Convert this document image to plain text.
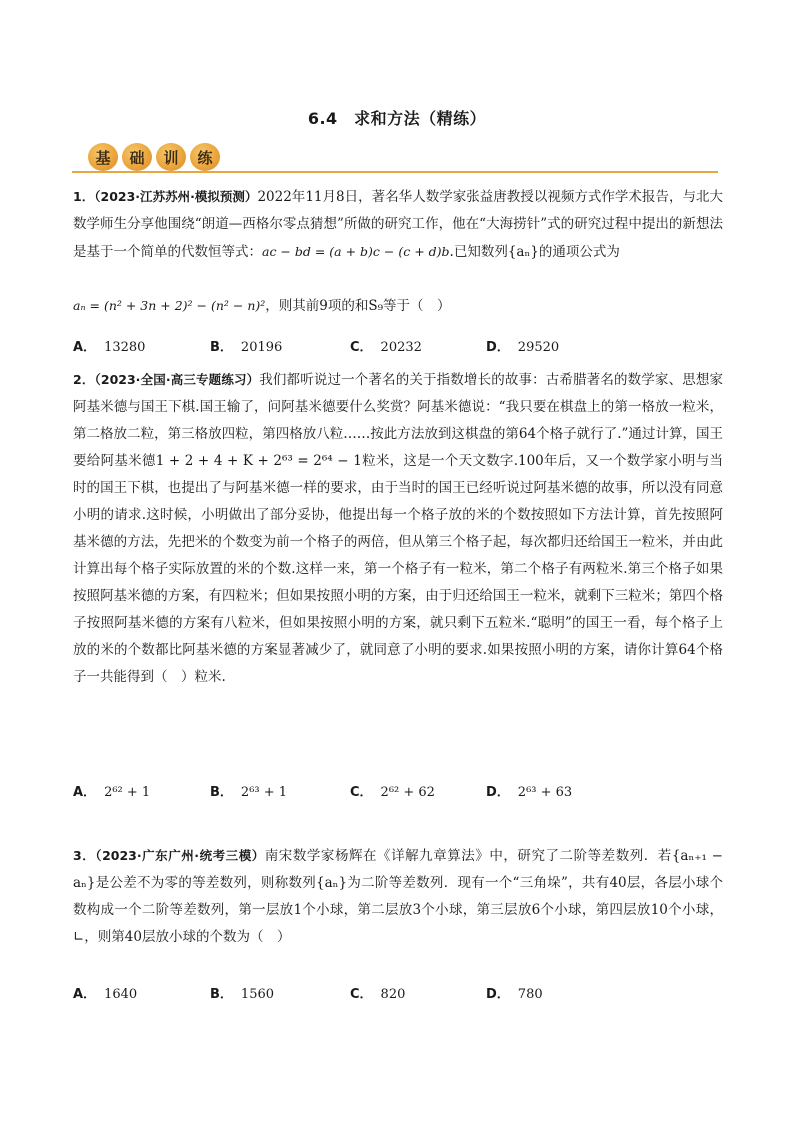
6.4　求和方法（精练）
基	础	训	练
1．（2023·江苏苏州·模拟预测）2022年11月8日，著名华人数学家张益唐教授以视频方式作学术报告，与北大数学师生分享他围绕“朗道—西格尔零点猜想”所做的研究工作，他在“大海捞针”式的研究过程中提出的新想法是基于一个简单的代数恒等式：ac − bd = (a + b)c − (c + d)b.已知数列{aₙ}的通项公式为
aₙ = (n² + 3n + 2)² − (n² − n)²，则其前9项的和S₉等于（　）
A． 13280	B． 20196	C． 20232	D． 29520
2．（2023·全国·高三专题练习）我们都听说过一个著名的关于指数增长的故事：古希腊著名的数学家、思想家阿基米德与国王下棋.国王输了，问阿基米德要什么奖赏？阿基米德说：“我只要在棋盘上的第一格放一粒米，第二格放二粒，第三格放四粒，第四格放八粒……按此方法放到这棋盘的第64个格子就行了.”通过计算，国王要给阿基米德1 + 2 + 4 + K + 2⁶³ = 2⁶⁴ − 1粒米，这是一个天文数字.100年后，又一个数学家小明与当时的国王下棋，也提出了与阿基米德一样的要求，由于当时的国王已经听说过阿基米德的故事，所以没有同意小明的请求.这时候，小明做出了部分妥协，他提出每一个格子放的米的个数按照如下方法计算，首先按照阿基米德的方法，先把米的个数变为前一个格子的两倍，但从第三个格子起，每次都归还给国王一粒米，并由此计算出每个格子实际放置的米的个数.这样一来，第一个格子有一粒米，第二个格子有两粒米.第三个格子如果按照阿基米德的方案，有四粒米；但如果按照小明的方案，由于归还给国王一粒米，就剩下三粒米；第四个格子按照阿基米德的方案有八粒米，但如果按照小明的方案，就只剩下五粒米.“聪明”的国王一看，每个格子上放的米的个数都比阿基米德的方案显著减少了，就同意了小明的要求.如果按照小明的方案，请你计算64个格子一共能得到（　）粒米.
A． 2⁶² + 1	B． 2⁶³ + 1	C． 2⁶² + 62	D． 2⁶³ + 63
3．（2023·广东广州·统考三模）南宋数学家杨辉在《详解九章算法》中，研究了二阶等差数列．若{aₙ₊₁ − aₙ}是公差不为零的等差数列，则称数列{aₙ}为二阶等差数列．现有一个“三角垛”，共有40层，各层小球个数构成一个二阶等差数列，第一层放1个小球，第二层放3个小球，第三层放6个小球，第四层放10个小球，∟，则第40层放小球的个数为（　）
A． 1640	B． 1560	C． 820	D． 780
